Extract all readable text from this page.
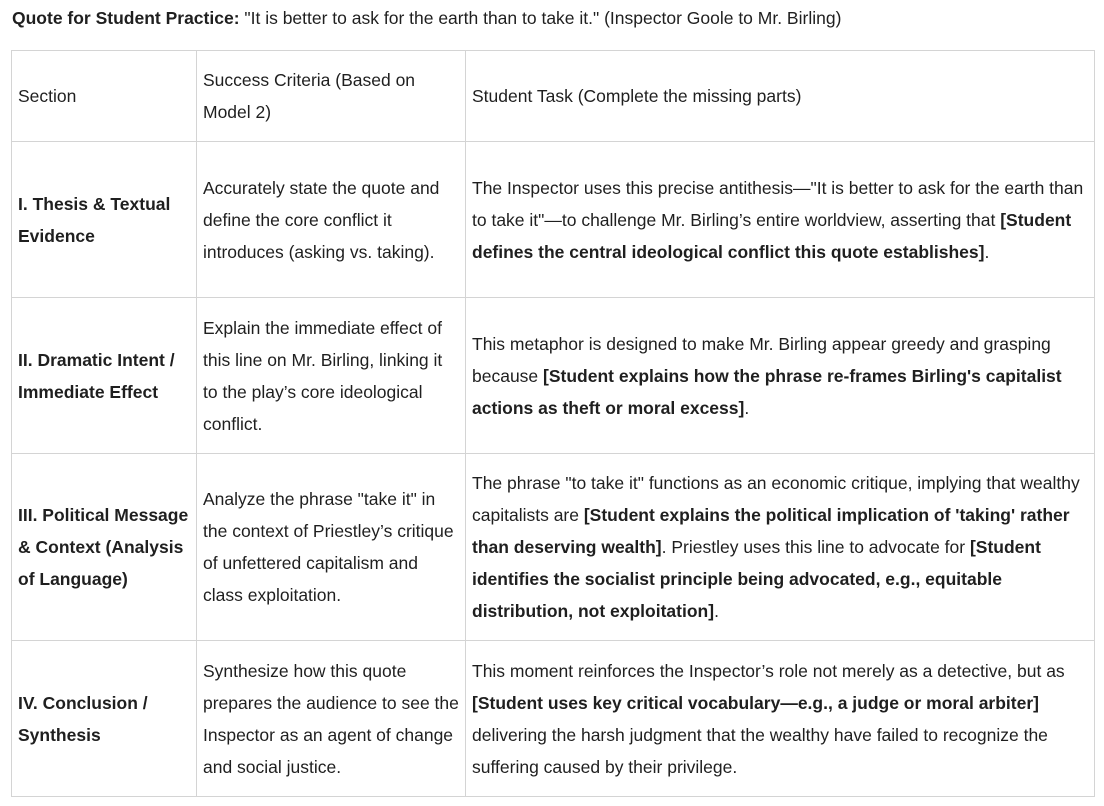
Quote for Student Practice: "It is better to ask for the earth than to take it." (Inspector Goole to Mr. Birling)
Section	Success Criteria (Based on Model 2)	Student Task (Complete the missing parts)
I. Thesis & Textual Evidence	Accurately state the quote and define the core conflict it introduces (asking vs. taking).	The Inspector uses this precise antithesis—"It is better to ask for the earth than to take it"—to challenge Mr. Birling’s entire worldview, asserting that [Student defines the central ideological conflict this quote establishes].
II. Dramatic Intent / Immediate Effect	Explain the immediate effect of this line on Mr. Birling, linking it to the play’s core ideological conflict.	This metaphor is designed to make Mr. Birling appear greedy and grasping because [Student explains how the phrase re-frames Birling's capitalist actions as theft or moral excess].
III. Political Message & Context (Analysis of Language)	Analyze the phrase "take it" in the context of Priestley’s critique of unfettered capitalism and class exploitation.	The phrase "to take it" functions as an economic critique, implying that wealthy capitalists are [Student explains the political implication of 'taking' rather than deserving wealth]. Priestley uses this line to advocate for [Student identifies the socialist principle being advocated, e.g., equitable distribution, not exploitation].
IV. Conclusion / Synthesis	Synthesize how this quote prepares the audience to see the Inspector as an agent of change and social justice.	This moment reinforces the Inspector’s role not merely as a detective, but as [Student uses key critical vocabulary—e.g., a judge or moral arbiter] delivering the harsh judgment that the wealthy have failed to recognize the suffering caused by their privilege.
